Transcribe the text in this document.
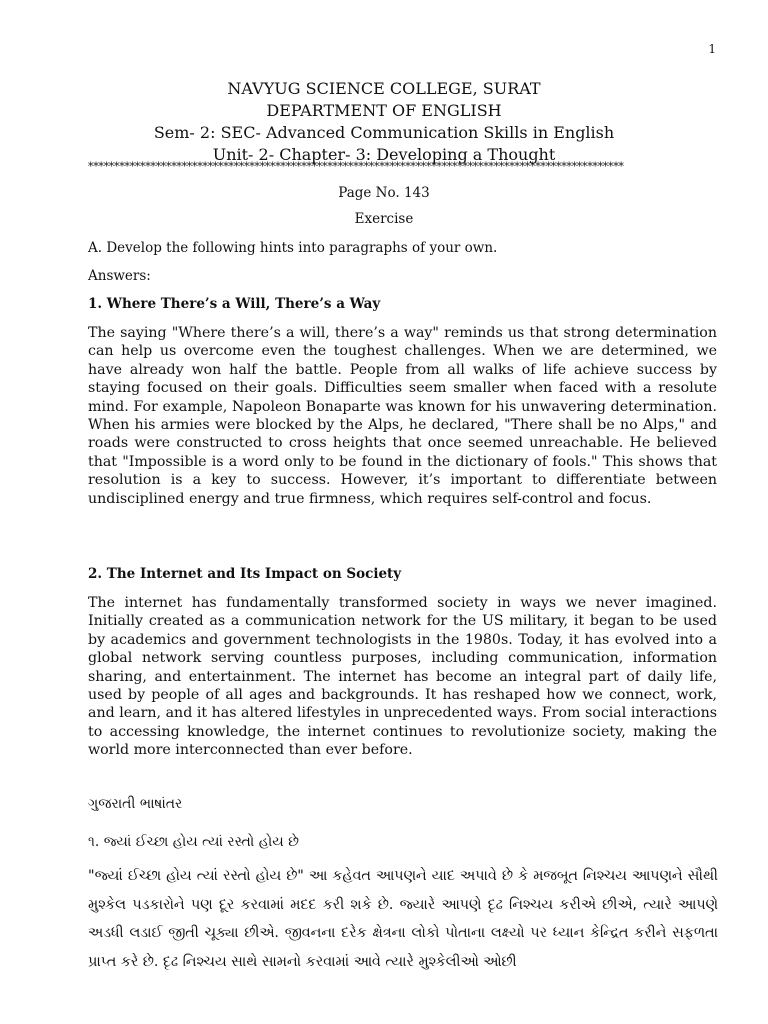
1
NAVYUG SCIENCE COLLEGE, SURAT
DEPARTMENT OF ENGLISH
Sem- 2: SEC- Advanced Communication Skills in English
Unit- 2- Chapter- 3: Developing a Thought
*******************************************************************************************************
Page No. 143
Exercise
A. Develop the following hints into paragraphs of your own.
Answers:
1. Where There’s a Will, There’s a Way
The saying "Where there’s a will, there’s a way" reminds us that strong determination can help us overcome even the toughest challenges. When we are determined, we have already won half the battle. People from all walks of life achieve success by staying focused on their goals. Difficulties seem smaller when faced with a resolute mind. For example, Napoleon Bonaparte was known for his unwavering determination. When his armies were blocked by the Alps, he declared, "There shall be no Alps," and roads were constructed to cross heights that once seemed unreachable. He believed that "Impossible is a word only to be found in the dictionary of fools." This shows that resolution is a key to success. However, it’s important to differentiate between undisciplined energy and true firmness, which requires self-control and focus.
2. The Internet and Its Impact on Society
The internet has fundamentally transformed society in ways we never imagined. Initially created as a communication network for the US military, it began to be used by academics and government technologists in the 1980s. Today, it has evolved into a global network serving countless purposes, including communication, information sharing, and entertainment. The internet has become an integral part of daily life, used by people of all ages and backgrounds. It has reshaped how we connect, work, and learn, and it has altered lifestyles in unprecedented ways. From social interactions to accessing knowledge, the internet continues to revolutionize society, making the world more interconnected than ever before.
ગુજરાતી ભાષાંતર
૧. જ્યાં ઈચ્છા હોય ત્યાં રસ્તો હોય છે
"જ્યાં ઈચ્છા હોય ત્યાં રસ્તો હોય છે" આ કહેવત આપણને યાદ અપાવે છે કે મજબૂત નિશ્ચય આપણને સૌથી મુશ્કેલ પડકારોને પણ દૂર કરવામાં મદદ કરી શકે છે. જ્યારે આપણે દૃઢ નિશ્ચય કરીએ છીએ, ત્યારે આપણે અડધી લડાઈ જીતી ચૂક્યા છીએ. જીવનના દરેક ક્ષેત્રના લોકો પોતાના લક્ષ્યો પર ધ્યાન કેન્દ્રિત કરીને સફળતા પ્રાપ્ત કરે છે. દૃઢ નિશ્ચય સાથે સામનો કરવામાં આવે ત્યારે મુશ્કેલીઓ ઓછી
